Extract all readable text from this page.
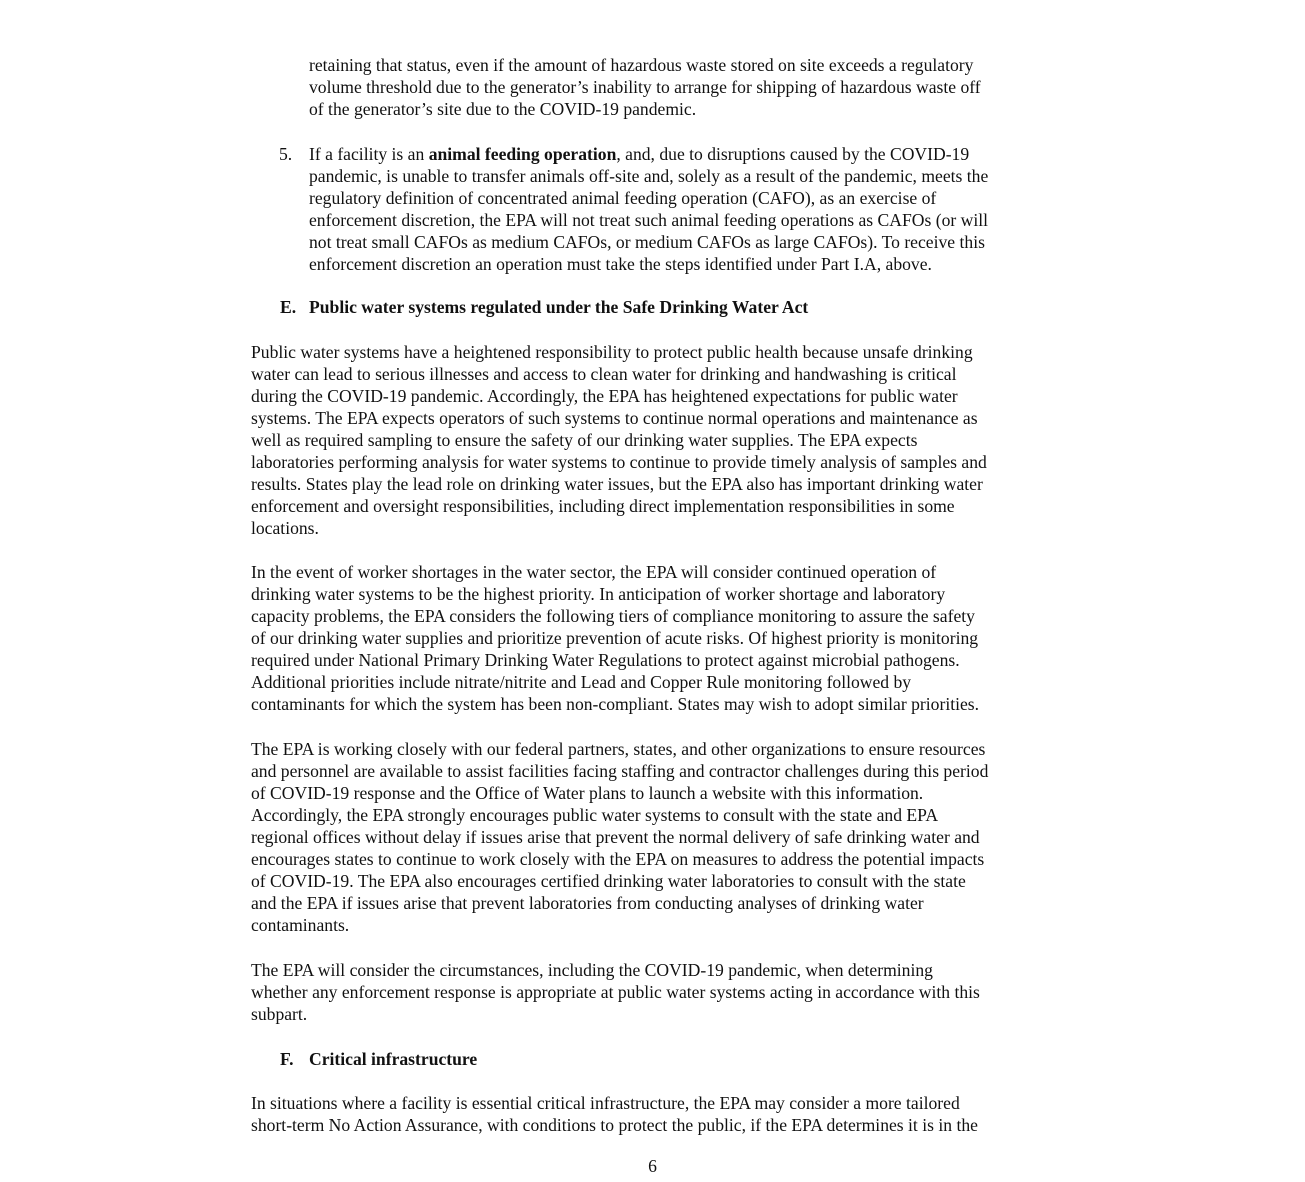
retaining that status, even if the amount of hazardous waste stored on site exceeds a regulatory
volume threshold due to the generator’s inability to arrange for shipping of hazardous waste off
of the generator’s site due to the COVID-19 pandemic.
5. If a facility is an animal feeding operation, and, due to disruptions caused by the COVID-19
pandemic, is unable to transfer animals off-site and, solely as a result of the pandemic, meets the
regulatory definition of concentrated animal feeding operation (CAFO), as an exercise of
enforcement discretion, the EPA will not treat such animal feeding operations as CAFOs (or will
not treat small CAFOs as medium CAFOs, or medium CAFOs as large CAFOs). To receive this
enforcement discretion an operation must take the steps identified under Part I.A, above.
E. Public water systems regulated under the Safe Drinking Water Act
Public water systems have a heightened responsibility to protect public health because unsafe drinking
water can lead to serious illnesses and access to clean water for drinking and handwashing is critical
during the COVID-19 pandemic. Accordingly, the EPA has heightened expectations for public water
systems. The EPA expects operators of such systems to continue normal operations and maintenance as
well as required sampling to ensure the safety of our drinking water supplies. The EPA expects
laboratories performing analysis for water systems to continue to provide timely analysis of samples and
results. States play the lead role on drinking water issues, but the EPA also has important drinking water
enforcement and oversight responsibilities, including direct implementation responsibilities in some
locations.
In the event of worker shortages in the water sector, the EPA will consider continued operation of
drinking water systems to be the highest priority. In anticipation of worker shortage and laboratory
capacity problems, the EPA considers the following tiers of compliance monitoring to assure the safety
of our drinking water supplies and prioritize prevention of acute risks. Of highest priority is monitoring
required under National Primary Drinking Water Regulations to protect against microbial pathogens.
Additional priorities include nitrate/nitrite and Lead and Copper Rule monitoring followed by
contaminants for which the system has been non-compliant. States may wish to adopt similar priorities.
The EPA is working closely with our federal partners, states, and other organizations to ensure resources
and personnel are available to assist facilities facing staffing and contractor challenges during this period
of COVID-19 response and the Office of Water plans to launch a website with this information.
Accordingly, the EPA strongly encourages public water systems to consult with the state and EPA
regional offices without delay if issues arise that prevent the normal delivery of safe drinking water and
encourages states to continue to work closely with the EPA on measures to address the potential impacts
of COVID-19. The EPA also encourages certified drinking water laboratories to consult with the state
and the EPA if issues arise that prevent laboratories from conducting analyses of drinking water
contaminants.
The EPA will consider the circumstances, including the COVID-19 pandemic, when determining
whether any enforcement response is appropriate at public water systems acting in accordance with this
subpart.
F. Critical infrastructure
In situations where a facility is essential critical infrastructure, the EPA may consider a more tailored
short-term No Action Assurance, with conditions to protect the public, if the EPA determines it is in the
6
